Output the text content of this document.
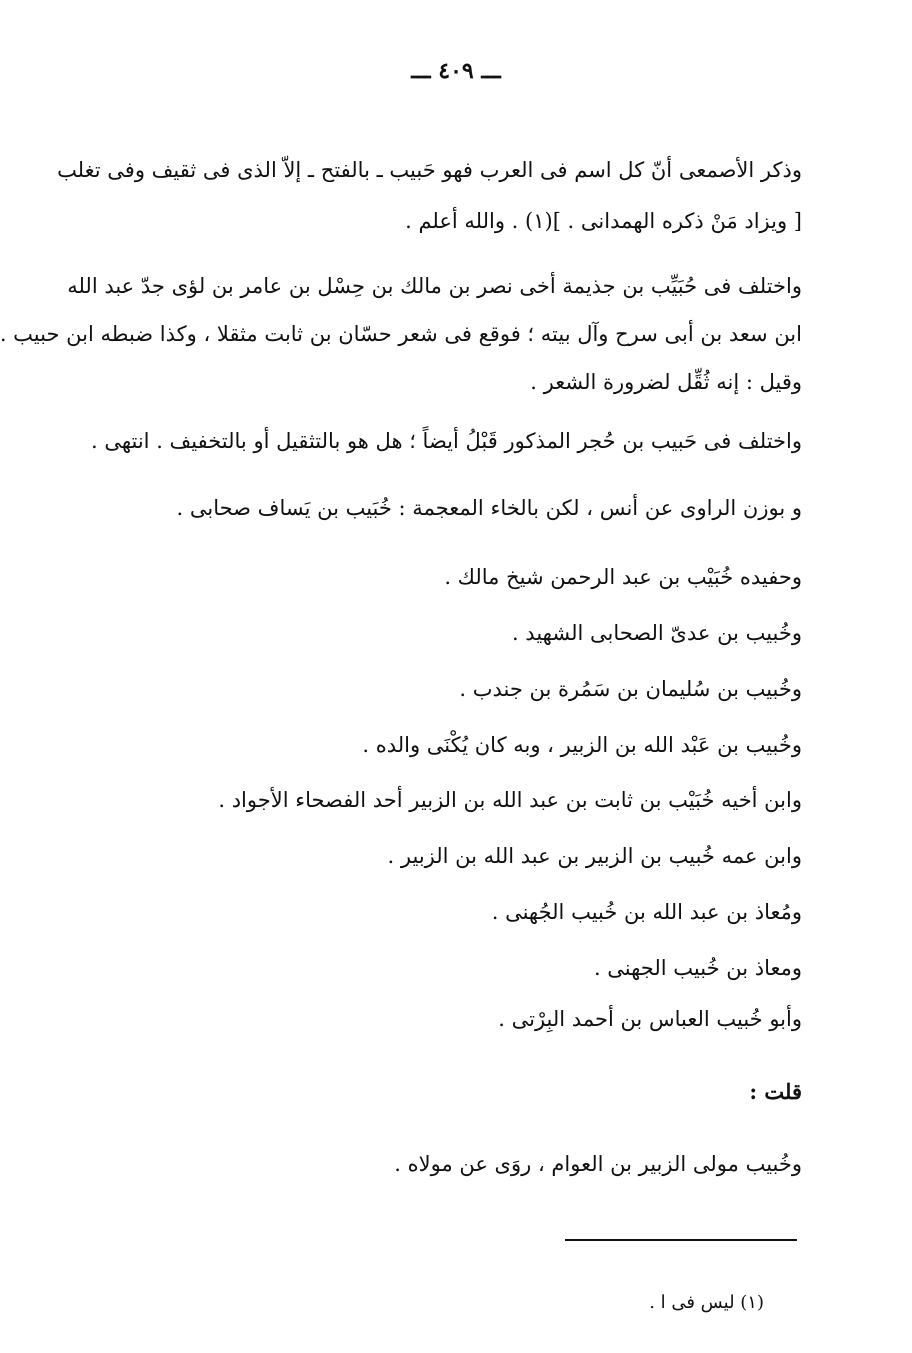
ـــ ٤٠٩ ـــ
وذكر الأصمعى أنّ كل اسم فى العرب فهو حَبيب ـ بالفتح ـ إلاّ الذى فى ثقيف وفى تغلب
[ ويزاد مَنْ ذكره الهمدانى . ](١) . والله أعلم .
واختلف فى حُبَيِّب بن جذيمة أخى نصر بن مالك بن حِسْل بن عامر بن لؤى جدّ عبد الله
ابن سعد بن أبى سرح وآل بيته ؛ فوقع فى شعر حسّان بن ثابت مثقلا ، وكذا ضبطه ابن حبيب .
وقيل : إنه ثُقِّل لضرورة الشعر .
واختلف فى حَبيب بن حُجر المذكور قَبْلُ أيضاً ؛ هل هو بالتثقيل أو بالتخفيف . انتهى .
و بوزن الراوى عن أنس ، لكن بالخاء المعجمة : خُبَيب بن يَساف صحابى .
وحفيده خُبَيْب بن عبد الرحمن شيخ مالك .
وخُبيب بن عدىّ الصحابى الشهيد .
وخُبيب بن سُليمان بن سَمُرة بن جندب .
وخُبيب بن عَبْد الله بن الزبير ، وبه كان يُكْنَى والده .
وابن أخيه خُبَيْب بن ثابت بن عبد الله بن الزبير أحد الفصحاء الأجواد .
وابن عمه خُبيب بن الزبير بن عبد الله بن الزبير .
ومُعاذ بن عبد الله بن خُبيب الجُهنى .
ومعاذ بن خُبيب الجهنى .
وأبو خُبيب العباس بن أحمد البِرْتى .
قلت :
وخُبيب مولى الزبير بن العوام ، روَى عن مولاه .
(١) ليس فى ا .
